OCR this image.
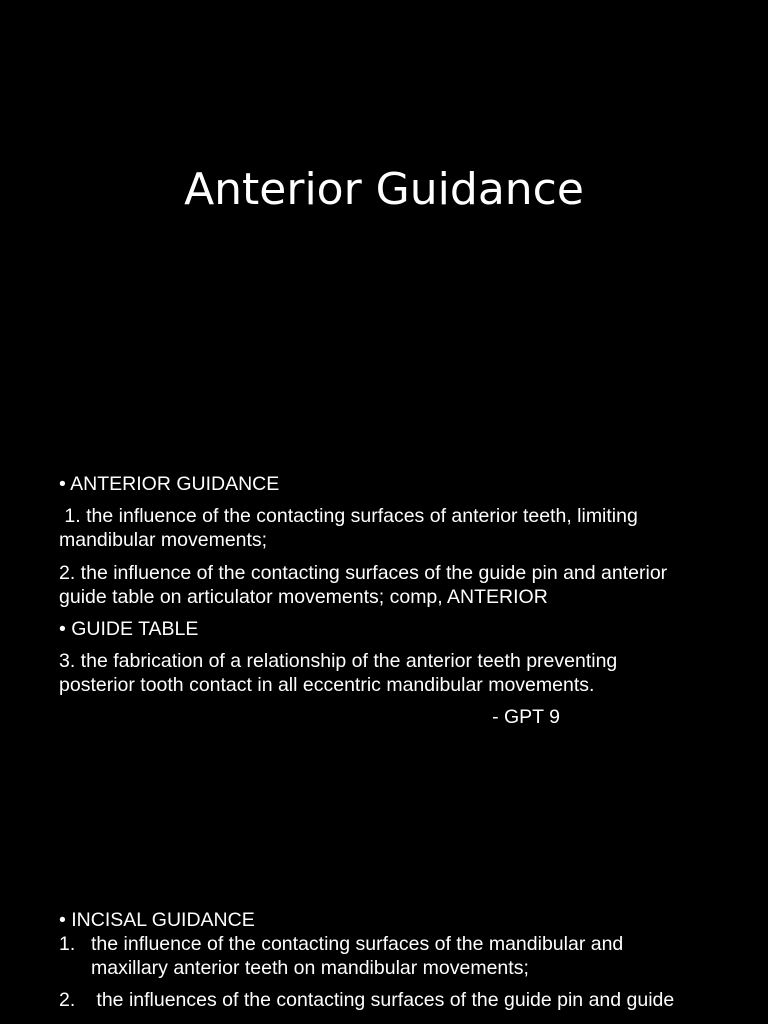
Anterior Guidance

• ANTERIOR GUIDANCE

1. the influence of the contacting surfaces of anterior teeth, limiting

mandibular movements;

2. the influence of the contacting surfaces of the guide pin and anterior

guide table on articulator movements; comp, ANTERIOR

• GUIDE TABLE

3. the fabrication of a relationship of the anterior teeth preventing

posterior tooth contact in all eccentric mandibular movements.

- GPT 9

• INCISAL GUIDANCE

1. the influence of the contacting surfaces of the mandibular and
maxillary anterior teeth on mandibular movements;
2. the influences of the contacting surfaces of the guide pin and guide
